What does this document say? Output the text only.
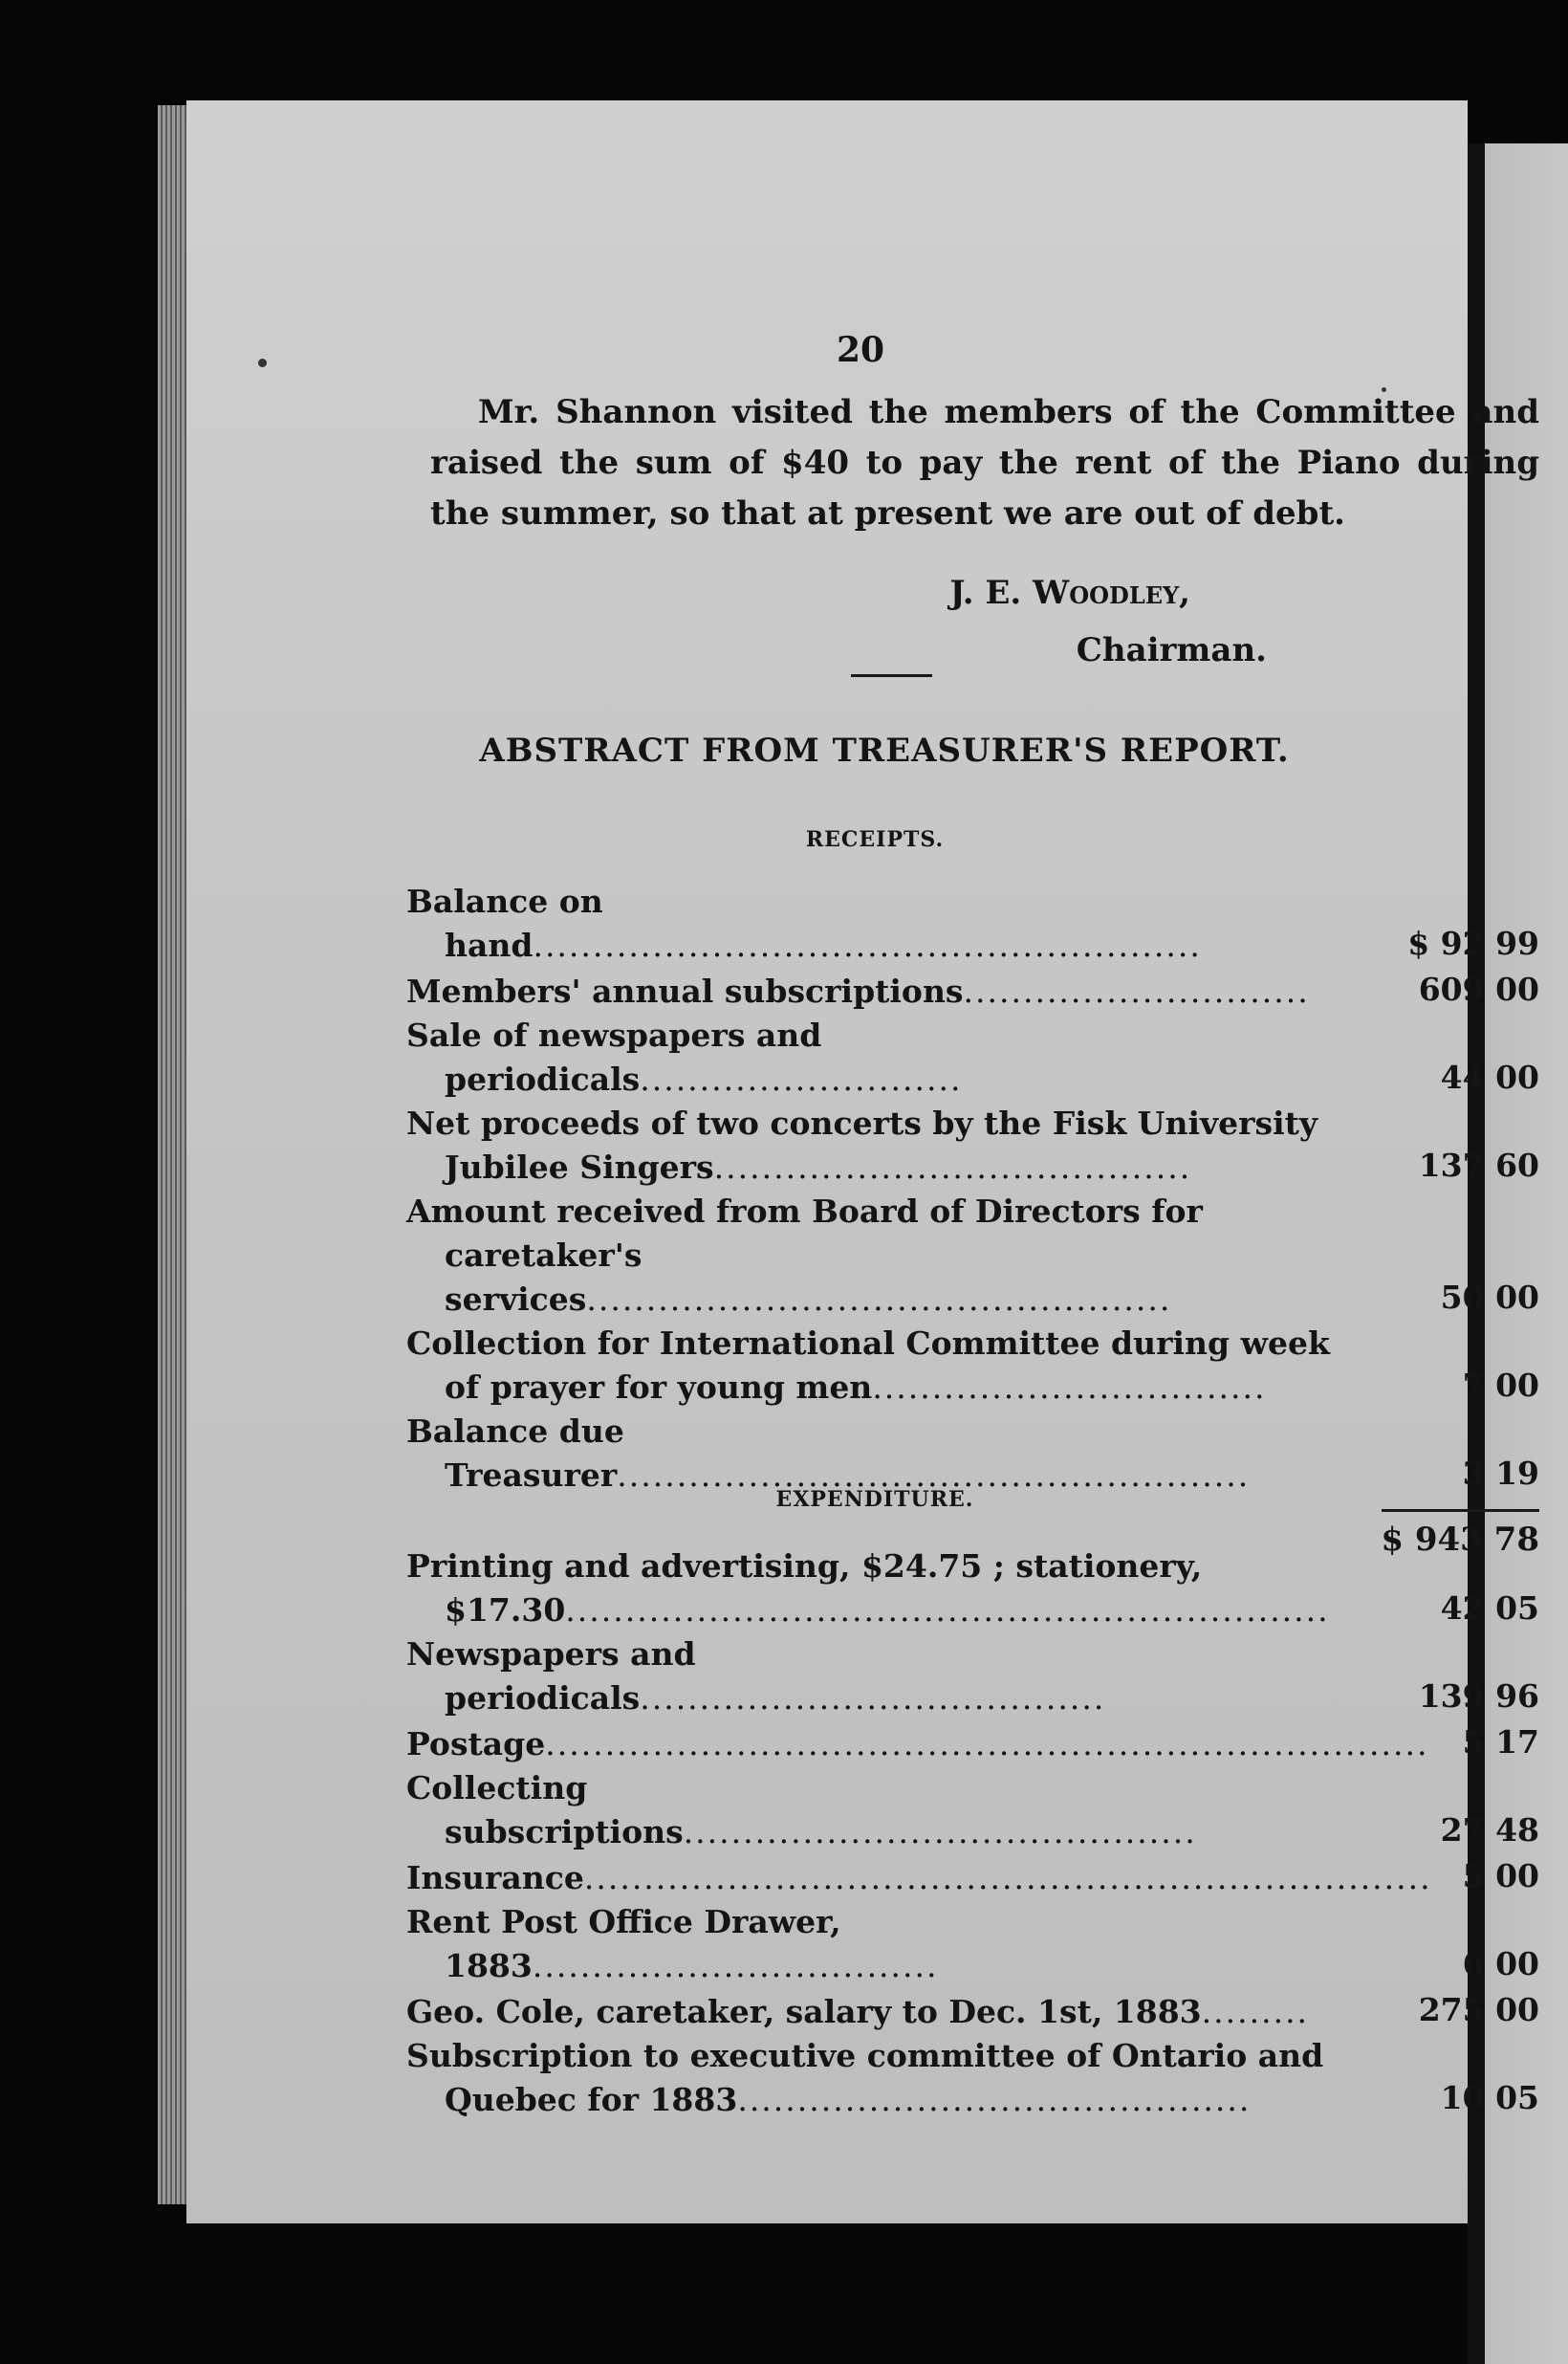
20

Mr. Shannon visited the members of the Committee and raised the sum of $40 to pay the rent of the Piano during the summer, so that at present we are out of debt.

J. E. Woodley,
Chairman.
ABSTRACT FROM TREASURER'S REPORT.
RECEIPTS.
Balance on hand........................................................	$ 92 99
Members' annual subscriptions.............................	609 00
Sale of newspapers and periodicals...........................	44 00
Net proceeds of two concerts by the Fisk University Jubilee Singers........................................	137 60
Amount received from Board of Directors for caretaker's services.................................................	50 00
Collection for International Committee during week of prayer for young men.................................	7 00
Balance due Treasurer.....................................................	3 19
$ 943 78
EXPENDITURE.
Printing and advertising, $24.75 ; stationery, $17.30................................................................	42 05
Newspapers and periodicals.......................................	139 96
Postage..........................................................................	5 17
Collecting subscriptions...........................................	27 48
Insurance....................................................................... 5 00
Rent Post Office Drawer, 1883..................................	6 00
Geo. Cole, caretaker, salary to Dec. 1st, 1883.........	275 00
Subscription to executive committee of Ontario and Quebec for 1883...........................................	10 05
